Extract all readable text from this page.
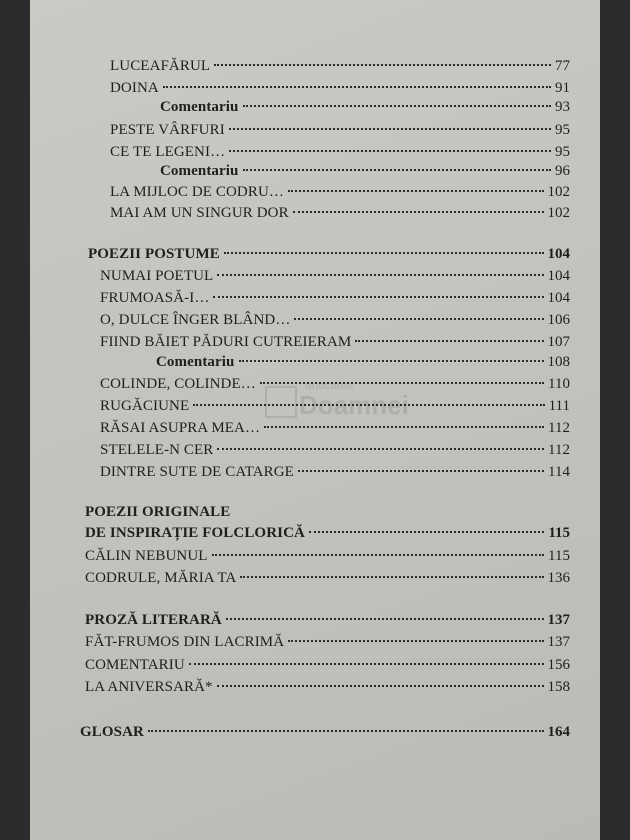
anticariat
Doamnei
LUCEAFĂRUL	77
DOINA	91
Comentariu	93
PESTE VÂRFURI	95
CE TE LEGENI…	95
Comentariu	96
LA MIJLOC DE CODRU…	102
MAI AM UN SINGUR DOR	102
POEZII POSTUME	104
NUMAI POETUL	104
FRUMOASĂ-I…	104
O, DULCE ÎNGER BLÂND…	106
FIIND BĂIET PĂDURI CUTREIERAM	107
Comentariu	108
COLINDE, COLINDE…	110
RUGĂCIUNE	111
RĂSAI ASUPRA MEA…	112
STELELE-N CER	112
DINTRE SUTE DE CATARGE	114
POEZII ORIGINALE
DE INSPIRAȚIE FOLCLORICĂ	115
CĂLIN NEBUNUL	115
CODRULE, MĂRIA TA	136
PROZĂ LITERARĂ	137
FĂT-FRUMOS DIN LACRIMĂ	137
COMENTARIU	156
LA ANIVERSARĂ*	158
GLOSAR	164
